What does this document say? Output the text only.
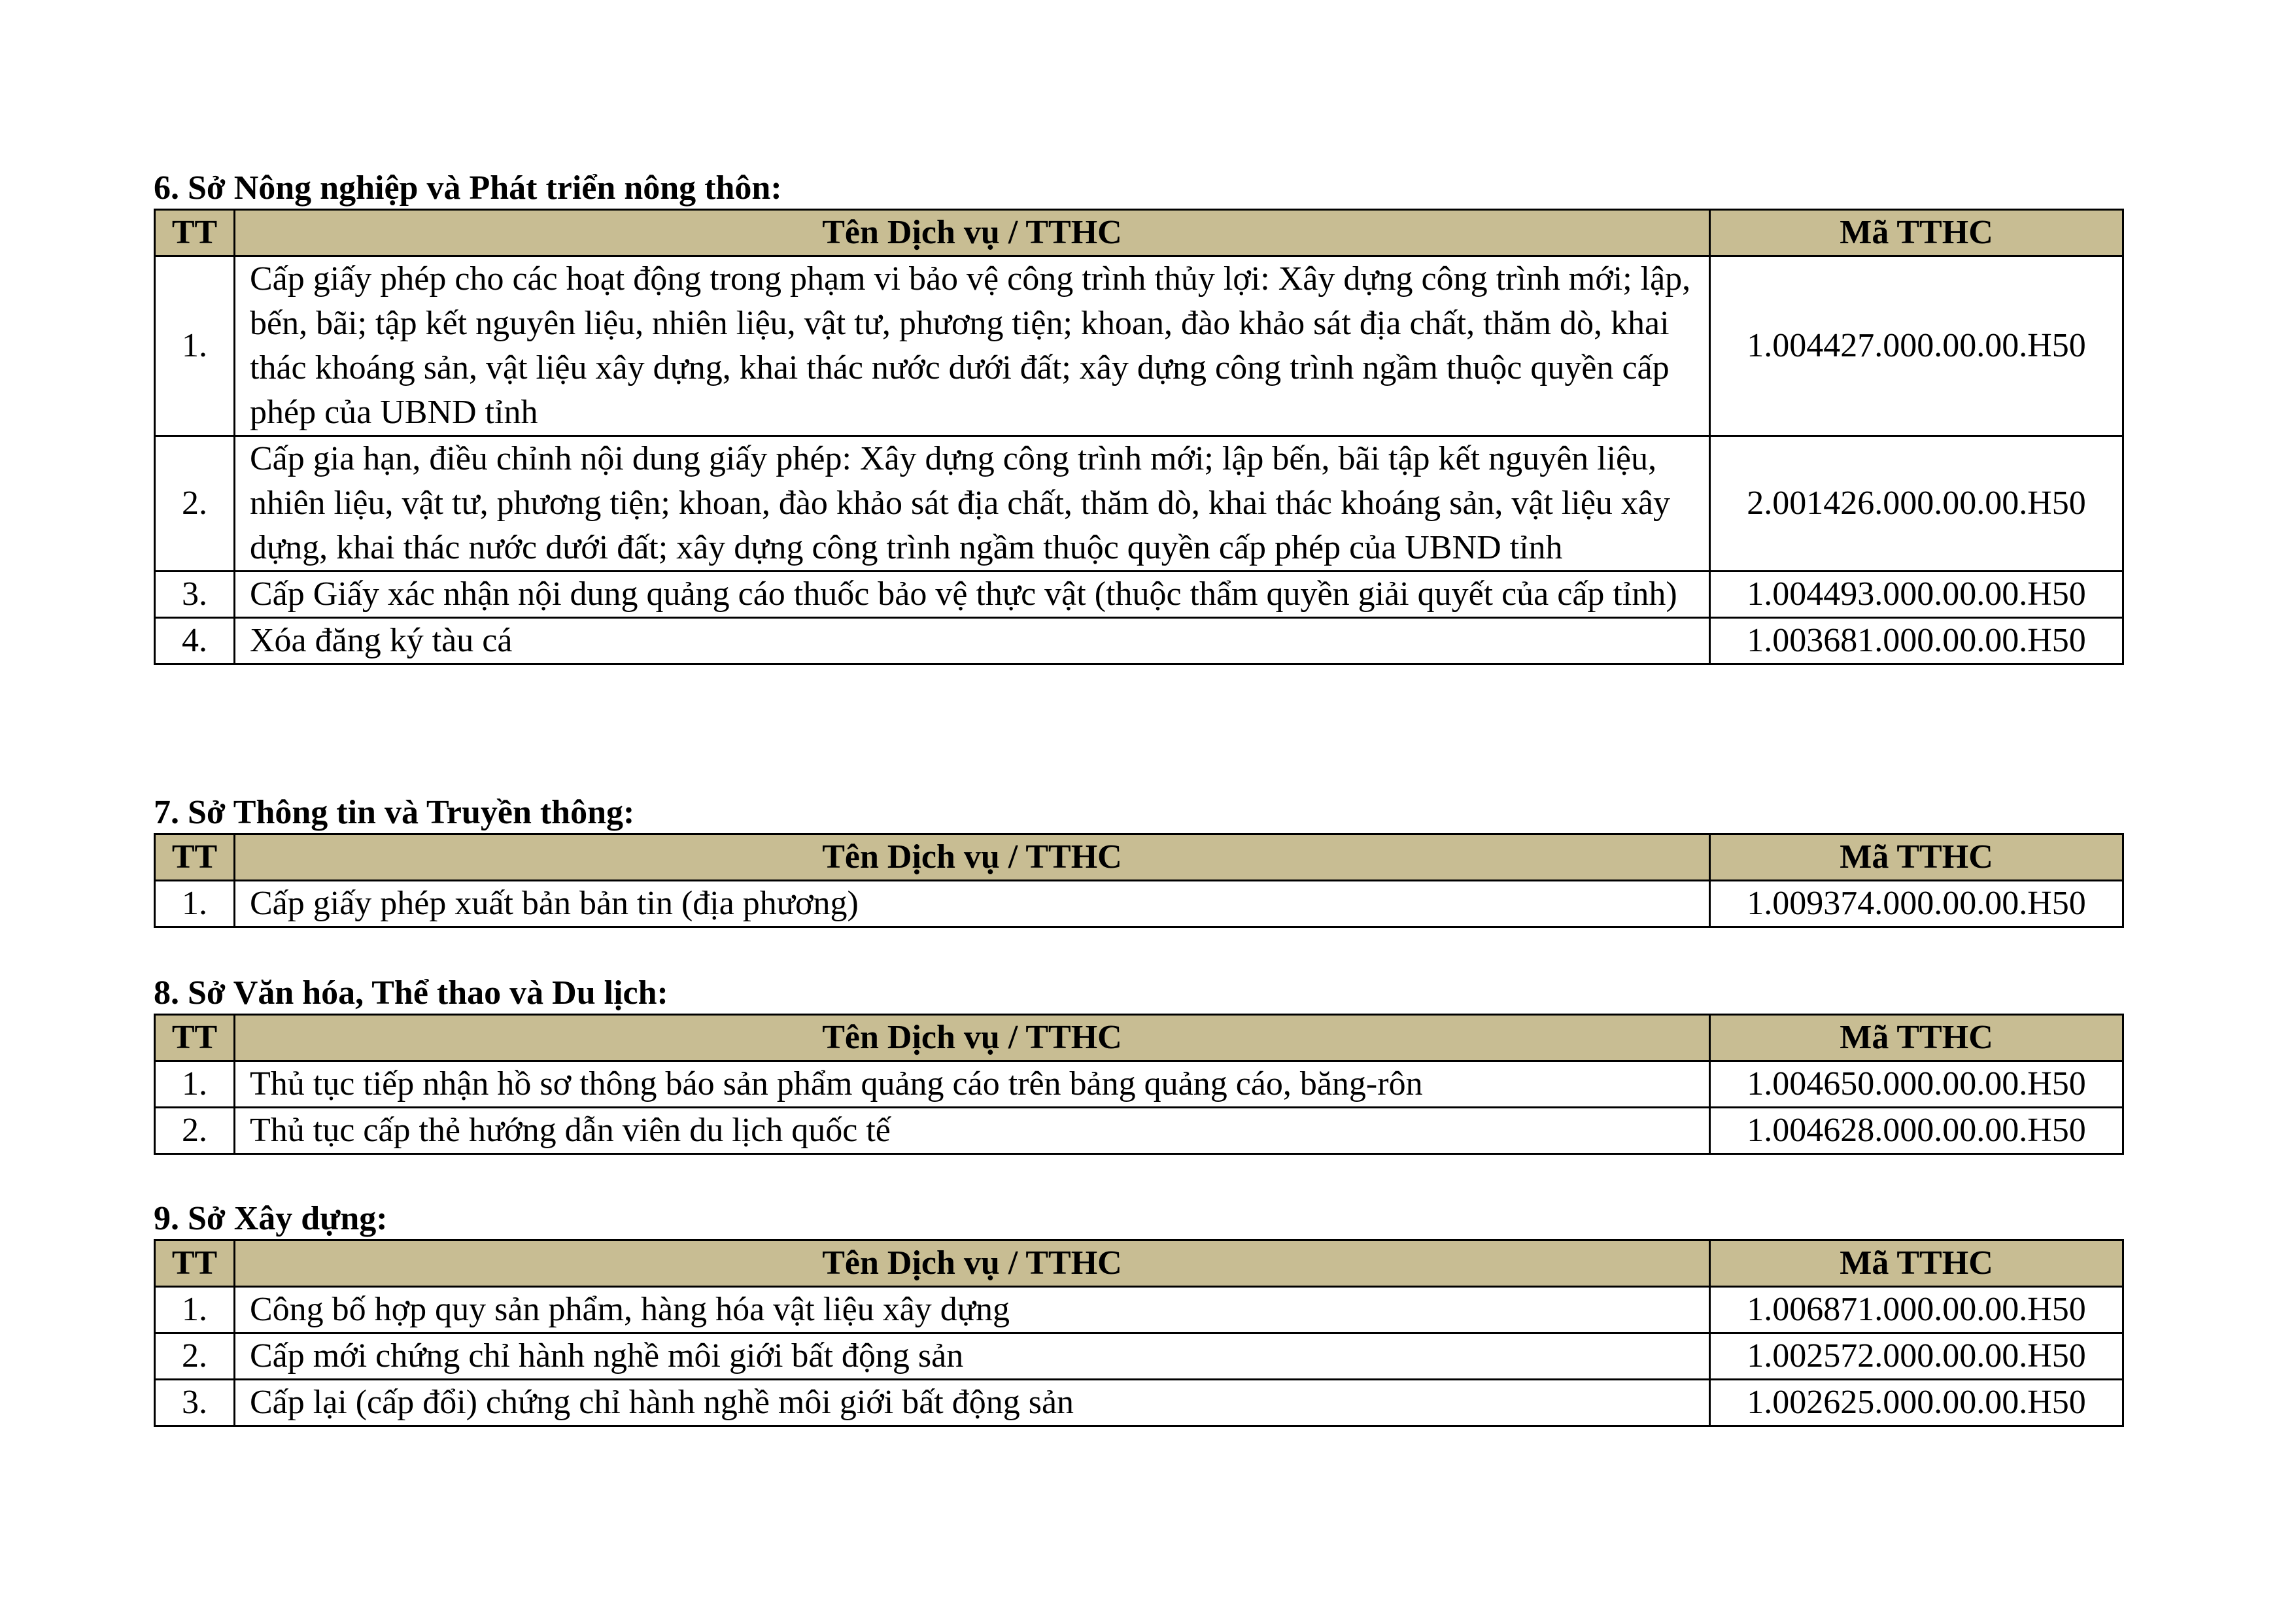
6. Sở Nông nghiệp và Phát triển nông thôn:
TT	Tên Dịch vụ / TTHC	Mã TTHC
1.	Cấp giấy phép cho các hoạt động trong phạm vi bảo vệ công trình thủy lợi: Xây dựng công trình mới; lập, bến, bãi; tập kết nguyên liệu, nhiên liệu, vật tư, phương tiện; khoan, đào khảo sát địa chất, thăm dò, khai thác khoáng sản, vật liệu xây dựng, khai thác nước dưới đất; xây dựng công trình ngầm thuộc quyền cấp phép của UBND tỉnh	1.004427.000.00.00.H50
2.	Cấp gia hạn, điều chỉnh nội dung giấy phép: Xây dựng công trình mới; lập bến, bãi tập kết nguyên liệu, nhiên liệu, vật tư, phương tiện; khoan, đào khảo sát địa chất, thăm dò, khai thác khoáng sản, vật liệu xây dựng, khai thác nước dưới đất; xây dựng công trình ngầm thuộc quyền cấp phép của UBND tỉnh	2.001426.000.00.00.H50
3.	Cấp Giấy xác nhận nội dung quảng cáo thuốc bảo vệ thực vật (thuộc thẩm quyền giải quyết của cấp tỉnh)	1.004493.000.00.00.H50
4.	Xóa đăng ký tàu cá	1.003681.000.00.00.H50
7. Sở Thông tin và Truyền thông:
TT	Tên Dịch vụ / TTHC	Mã TTHC
1.	Cấp giấy phép xuất bản bản tin (địa phương)	1.009374.000.00.00.H50
8. Sở Văn hóa, Thể thao và Du lịch:
TT	Tên Dịch vụ / TTHC	Mã TTHC
1.	Thủ tục tiếp nhận hồ sơ thông báo sản phẩm quảng cáo trên bảng quảng cáo, băng-rôn	1.004650.000.00.00.H50
2.	Thủ tục cấp thẻ hướng dẫn viên du lịch quốc tế	1.004628.000.00.00.H50
9. Sở Xây dựng:
TT	Tên Dịch vụ / TTHC	Mã TTHC
1.	Công bố hợp quy sản phẩm, hàng hóa vật liệu xây dựng	1.006871.000.00.00.H50
2.	Cấp mới chứng chỉ hành nghề môi giới bất động sản	1.002572.000.00.00.H50
3.	Cấp lại (cấp đổi) chứng chỉ hành nghề môi giới bất động sản	1.002625.000.00.00.H50
